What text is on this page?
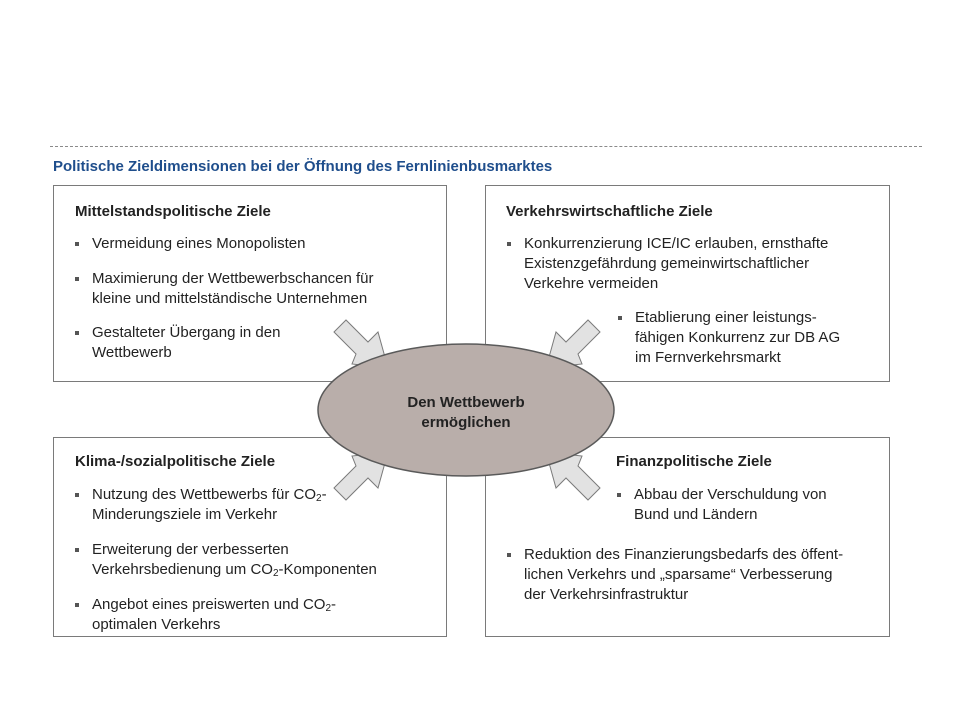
Politische Zieldimensionen bei der Öffnung des Fernlinienbusmarktes
Mittelstandspolitische Ziele
Vermeidung eines Monopolisten
Maximierung der Wettbewerbschancen für
kleine und mittelständische Unternehmen
Gestalteter Übergang in den
Wettbewerb
Verkehrswirtschaftliche Ziele
Konkurrenzierung ICE/IC erlauben, ernsthafte
Existenzgefährdung gemeinwirtschaftlicher
Verkehre vermeiden
Etablierung einer leistungs-
fähigen Konkurrenz zur DB AG
im Fernverkehrsmarkt
Klima-/sozialpolitische Ziele
Nutzung des Wettbewerbs für $CO_2-$
Minderungsziele im Verkehr
Erweiterung der verbesserten
Verkehrsbedienung um $CO_2$-Komponenten
Angebot eines preiswerten und $CO_2-$
optimalen Verkehrs
Finanzpolitische Ziele
Abbau der Verschuldung von
Bund und Ländern
Reduktion des Finanzierungsbedarfs des öffent-
lichen Verkehrs und „sparsame“ Verbesserung
der Verkehrsinfrastruktur
Den Wettbewerb
ermöglichen
